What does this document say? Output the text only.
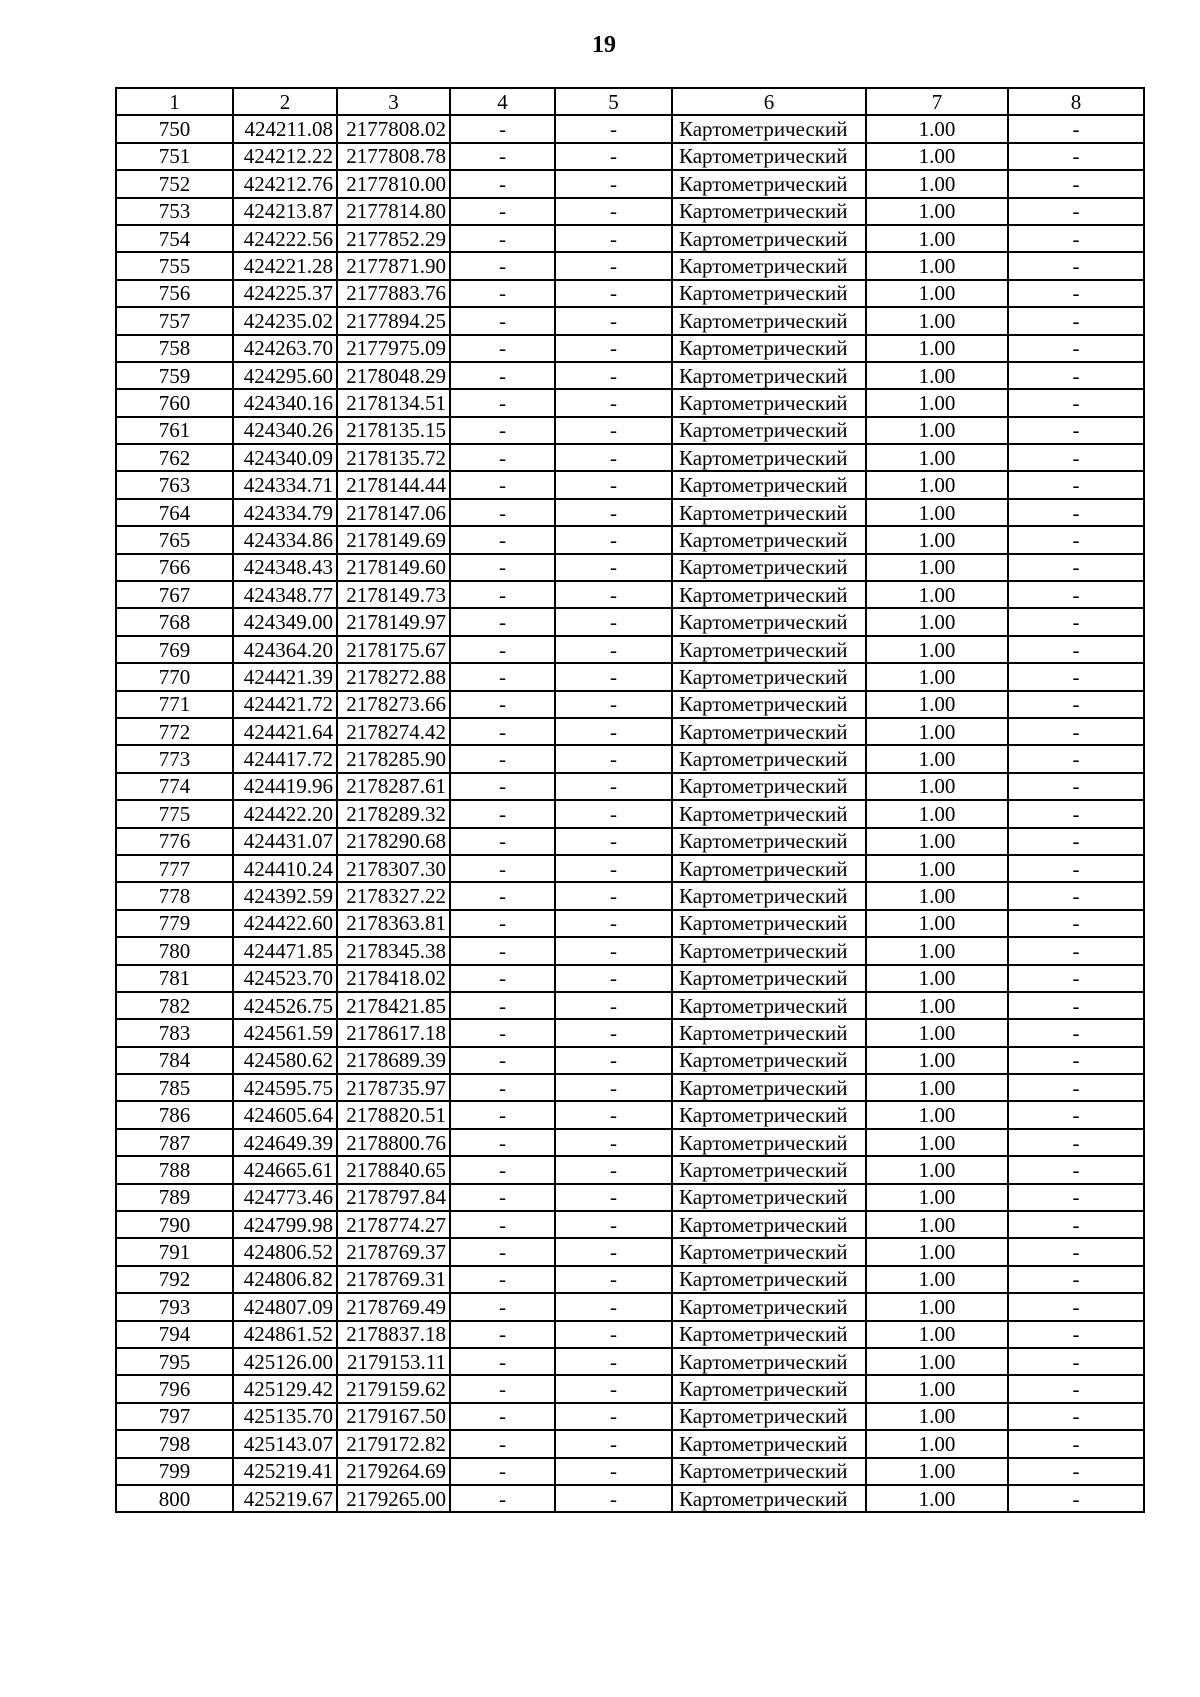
19
1	2	3	4	5	6	7	8
750	424211.08	2177808.02	-	-	Картометрический	1.00	-
751	424212.22	2177808.78	-	-	Картометрический	1.00	-
752	424212.76	2177810.00	-	-	Картометрический	1.00	-
753	424213.87	2177814.80	-	-	Картометрический	1.00	-
754	424222.56	2177852.29	-	-	Картометрический	1.00	-
755	424221.28	2177871.90	-	-	Картометрический	1.00	-
756	424225.37	2177883.76	-	-	Картометрический	1.00	-
757	424235.02	2177894.25	-	-	Картометрический	1.00	-
758	424263.70	2177975.09	-	-	Картометрический	1.00	-
759	424295.60	2178048.29	-	-	Картометрический	1.00	-
760	424340.16	2178134.51	-	-	Картометрический	1.00	-
761	424340.26	2178135.15	-	-	Картометрический	1.00	-
762	424340.09	2178135.72	-	-	Картометрический	1.00	-
763	424334.71	2178144.44	-	-	Картометрический	1.00	-
764	424334.79	2178147.06	-	-	Картометрический	1.00	-
765	424334.86	2178149.69	-	-	Картометрический	1.00	-
766	424348.43	2178149.60	-	-	Картометрический	1.00	-
767	424348.77	2178149.73	-	-	Картометрический	1.00	-
768	424349.00	2178149.97	-	-	Картометрический	1.00	-
769	424364.20	2178175.67	-	-	Картометрический	1.00	-
770	424421.39	2178272.88	-	-	Картометрический	1.00	-
771	424421.72	2178273.66	-	-	Картометрический	1.00	-
772	424421.64	2178274.42	-	-	Картометрический	1.00	-
773	424417.72	2178285.90	-	-	Картометрический	1.00	-
774	424419.96	2178287.61	-	-	Картометрический	1.00	-
775	424422.20	2178289.32	-	-	Картометрический	1.00	-
776	424431.07	2178290.68	-	-	Картометрический	1.00	-
777	424410.24	2178307.30	-	-	Картометрический	1.00	-
778	424392.59	2178327.22	-	-	Картометрический	1.00	-
779	424422.60	2178363.81	-	-	Картометрический	1.00	-
780	424471.85	2178345.38	-	-	Картометрический	1.00	-
781	424523.70	2178418.02	-	-	Картометрический	1.00	-
782	424526.75	2178421.85	-	-	Картометрический	1.00	-
783	424561.59	2178617.18	-	-	Картометрический	1.00	-
784	424580.62	2178689.39	-	-	Картометрический	1.00	-
785	424595.75	2178735.97	-	-	Картометрический	1.00	-
786	424605.64	2178820.51	-	-	Картометрический	1.00	-
787	424649.39	2178800.76	-	-	Картометрический	1.00	-
788	424665.61	2178840.65	-	-	Картометрический	1.00	-
789	424773.46	2178797.84	-	-	Картометрический	1.00	-
790	424799.98	2178774.27	-	-	Картометрический	1.00	-
791	424806.52	2178769.37	-	-	Картометрический	1.00	-
792	424806.82	2178769.31	-	-	Картометрический	1.00	-
793	424807.09	2178769.49	-	-	Картометрический	1.00	-
794	424861.52	2178837.18	-	-	Картометрический	1.00	-
795	425126.00	2179153.11	-	-	Картометрический	1.00	-
796	425129.42	2179159.62	-	-	Картометрический	1.00	-
797	425135.70	2179167.50	-	-	Картометрический	1.00	-
798	425143.07	2179172.82	-	-	Картометрический	1.00	-
799	425219.41	2179264.69	-	-	Картометрический	1.00	-
800	425219.67	2179265.00	-	-	Картометрический	1.00	-
